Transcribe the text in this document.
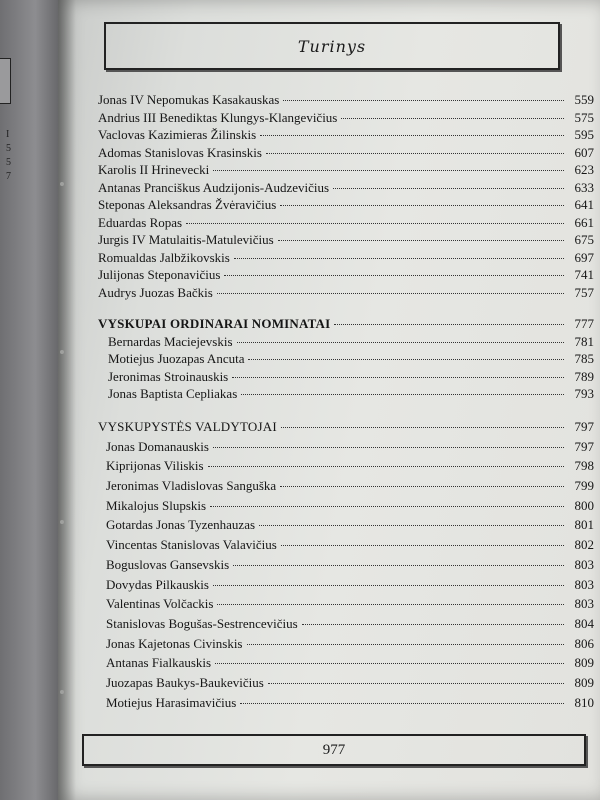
I
5
5
7
Turinys
Jonas IV Nepomukas Kasakauskas	559
Andrius III Benediktas Klungys-Klangevičius	575
Vaclovas Kazimieras Žilinskis	595
Adomas Stanislovas Krasinskis	607
Karolis II Hrinevecki	623
Antanas Pranciškus Audzijonis-Audzevičius	633
Steponas Aleksandras Žvėravičius	641
Eduardas Ropas	661
Jurgis IV Matulaitis-Matulevičius	675
Romualdas Jalbžikovskis	697
Julijonas Steponavičius	741
Audrys Juozas Bačkis	757
VYSKUPAI ORDINARAI NOMINATAI	777
Bernardas Maciejevskis	781
Motiejus Juozapas Ancuta	785
Jeronimas Stroinauskis	789
Jonas Baptista Cepliakas	793
VYSKUPYSTĖS VALDYTOJAI	797
Jonas Domanauskis	797
Kiprijonas Viliskis	798
Jeronimas Vladislovas Sanguška	799
Mikalojus Slupskis	800
Gotardas Jonas Tyzenhauzas	801
Vincentas Stanislovas Valavičius	802
Boguslovas Gansevskis	803
Dovydas Pilkauskis	803
Valentinas Volčackis	803
Stanislovas Bogušas-Sestrencevičius	804
Jonas Kajetonas Civinskis	806
Antanas Fialkauskis	809
Juozapas Baukys-Baukevičius	809
Motiejus Harasimavičius	810
977
